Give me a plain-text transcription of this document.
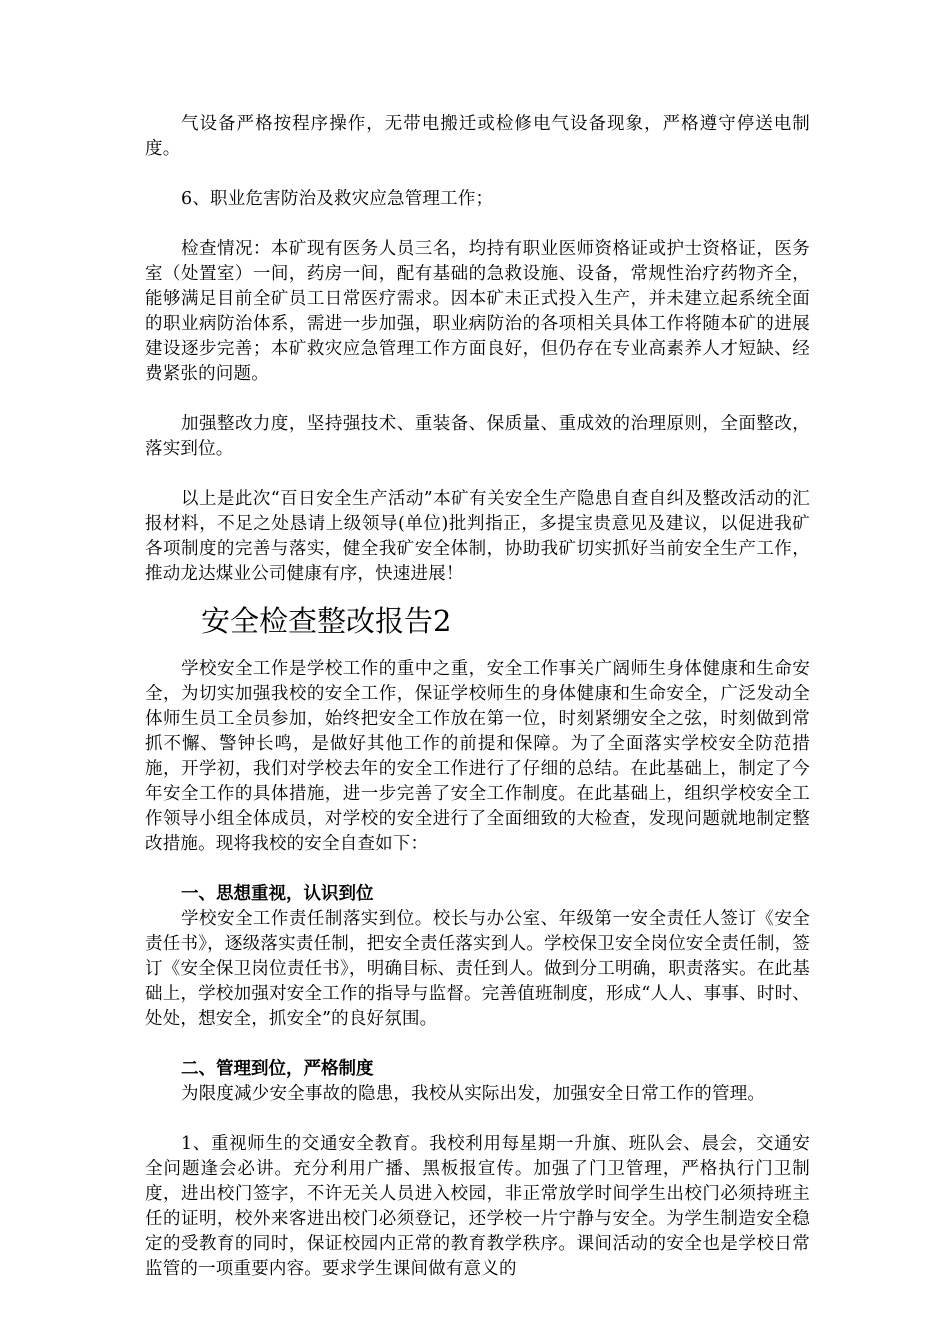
气设备严格按程序操作，无带电搬迁或检修电气设备现象，严格遵守停送电制度。

6、职业危害防治及救灾应急管理工作；

检查情况：本矿现有医务人员三名，均持有职业医师资格证或护士资格证，医务室（处置室）一间，药房一间，配有基础的急救设施、设备，常规性治疗药物齐全，能够满足目前全矿员工日常医疗需求。因本矿未正式投入生产，并未建立起系统全面的职业病防治体系，需进一步加强，职业病防治的各项相关具体工作将随本矿的进展建设逐步完善；本矿救灾应急管理工作方面良好，但仍存在专业高素养人才短缺、经费紧张的问题。

加强整改力度，坚持强技术、重装备、保质量、重成效的治理原则，全面整改，落实到位。

以上是此次“百日安全生产活动”本矿有关安全生产隐患自查自纠及整改活动的汇报材料，不足之处恳请上级领导(单位)批判指正，多提宝贵意见及建议，以促进我矿各项制度的完善与落实，健全我矿安全体制，协助我矿切实抓好当前安全生产工作，推动龙达煤业公司健康有序，快速进展！

安全检查整改报告2

学校安全工作是学校工作的重中之重，安全工作事关广阔师生身体健康和生命安全，为切实加强我校的安全工作，保证学校师生的身体健康和生命安全，广泛发动全体师生员工全员参加，始终把安全工作放在第一位，时刻紧绷安全之弦，时刻做到常抓不懈、警钟长鸣，是做好其他工作的前提和保障。为了全面落实学校安全防范措施，开学初，我们对学校去年的安全工作进行了仔细的总结。在此基础上，制定了今年安全工作的具体措施，进一步完善了安全工作制度。在此基础上，组织学校安全工作领导小组全体成员，对学校的安全进行了全面细致的大检查，发现问题就地制定整改措施。现将我校的安全自查如下：

一、思想重视，认识到位

学校安全工作责任制落实到位。校长与办公室、年级第一安全责任人签订《安全责任书》，逐级落实责任制，把安全责任落实到人。学校保卫安全岗位安全责任制，签订《安全保卫岗位责任书》，明确目标、责任到人。做到分工明确，职责落实。在此基础上，学校加强对安全工作的指导与监督。完善值班制度，形成“人人、事事、时时、处处，想安全，抓安全”的良好氛围。

二、管理到位，严格制度

为限度减少安全事故的隐患，我校从实际出发，加强安全日常工作的管理。

1、重视师生的交通安全教育。我校利用每星期一升旗、班队会、晨会，交通安全问题逢会必讲。充分利用广播、黑板报宣传。加强了门卫管理，严格执行门卫制度，进出校门签字，不许无关人员进入校园，非正常放学时间学生出校门必须持班主任的证明，校外来客进出校门必须登记，还学校一片宁静与安全。为学生制造安全稳定的受教育的同时，保证校园内正常的教育教学秩序。课间活动的安全也是学校日常监管的一项重要内容。要求学生课间做有意义的
